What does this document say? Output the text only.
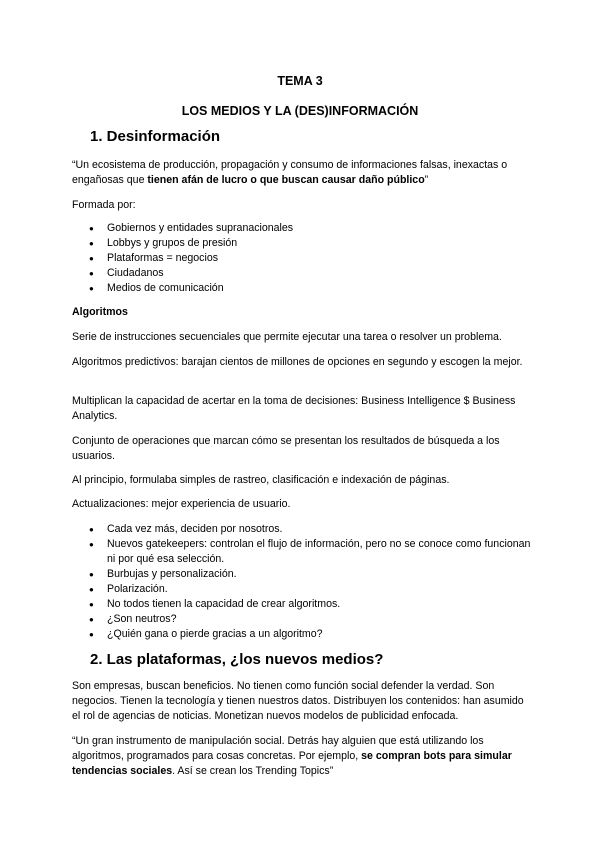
TEMA 3
LOS MEDIOS Y LA (DES)INFORMACIÓN
1. Desinformación
“Un ecosistema de producción, propagación y consumo de informaciones falsas, inexactas o engañosas que tienen afán de lucro o que buscan causar daño público”
Formada por:
● Gobiernos y entidades supranacionales
● Lobbys y grupos de presión
● Plataformas = negocios
● Ciudadanos
● Medios de comunicación
Algoritmos
Serie de instrucciones secuenciales que permite ejecutar una tarea o resolver un problema.
Algoritmos predictivos: barajan cientos de millones de opciones en segundo y escogen la mejor.
Multiplican la capacidad de acertar en la toma de decisiones: Business Intelligence $ Business Analytics.
Conjunto de operaciones que marcan cómo se presentan los resultados de búsqueda a los usuarios.
Al principio, formulaba simples de rastreo, clasificación e indexación de páginas.
Actualizaciones: mejor experiencia de usuario.
● Cada vez más, deciden por nosotros.
● Nuevos gatekeepers: controlan el flujo de información, pero no se conoce como funcionan ni por qué esa selección.
● Burbujas y personalización.
● Polarización.
● No todos tienen la capacidad de crear algoritmos.
● ¿Son neutros?
● ¿Quién gana o pierde gracias a un algoritmo?
2. Las plataformas, ¿los nuevos medios?
Son empresas, buscan beneficios. No tienen como función social defender la verdad. Son negocios. Tienen la tecnología y tienen nuestros datos. Distribuyen los contenidos: han asumido el rol de agencias de noticias. Monetizan nuevos modelos de publicidad enfocada.
“Un gran instrumento de manipulación social. Detrás hay alguien que está utilizando los algoritmos, programados para cosas concretas. Por ejemplo, se compran bots para simular tendencias sociales. Así se crean los Trending Topics”
